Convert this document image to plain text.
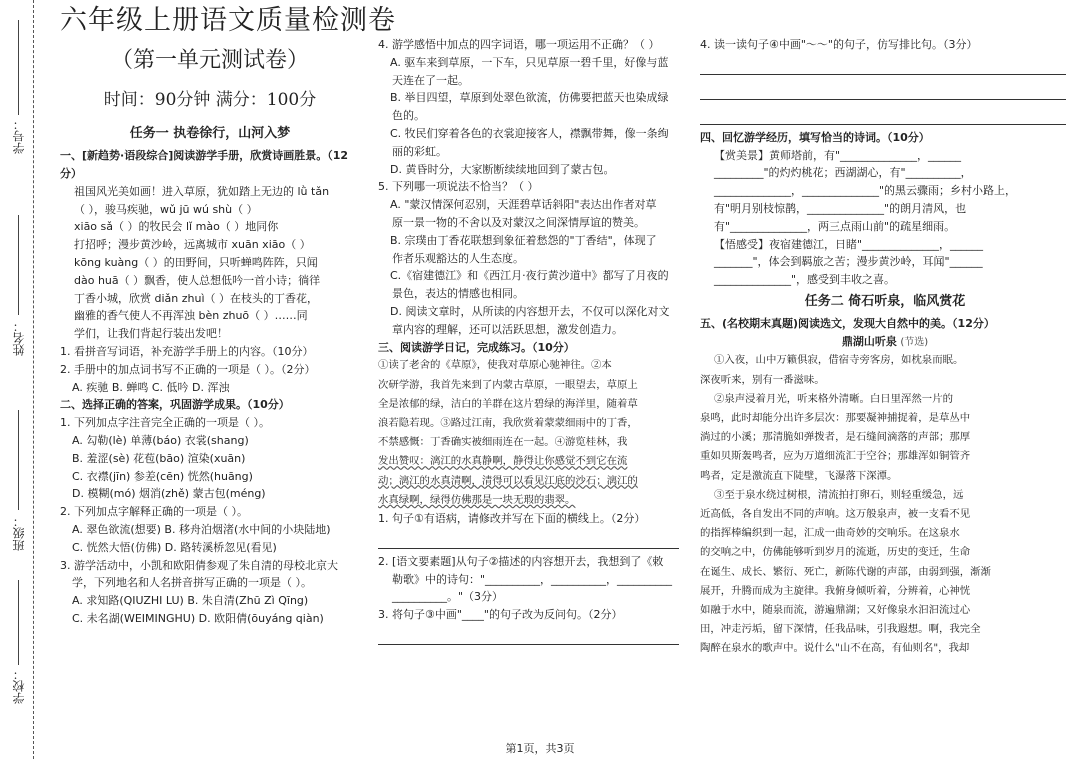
学号：
姓名：
班级：
学校：
六年级上册语文质量检测卷
（第一单元测试卷）
时间：90分钟 满分：100分
任务一 执卷徐行，山河入梦
一、[新趋势·语段综合]阅读游学手册，欣赏诗画胜景。（12分）
祖国风光美如画！进入草原，犹如踏上无边的 lǜ tǎn
（ ），骏马疾驰，wǔ jū wú shù（ ）
xiāo sǎ（ ）的牧民会 lǐ mào（ ）地同你
打招呼；漫步黄沙岭，远离城市 xuān xiāo（ ）
kōng kuàng（ ）的田野间，只听蝉鸣阵阵，只闻
dào huā（ ）飘香，使人总想低吟一首小诗；徜徉
丁香小城，欣赏 diǎn zhuì（ ）在枝头的丁香花，
幽雅的香气使人不再浑浊 bèn zhuō（ ）……同
学们，让我们背起行装出发吧！
1. 看拼音写词语，补充游学手册上的内容。（10分）
2. 手册中的加点词书写不正确的一项是（ ）。（2分）
A. 疾驰 B. 蝉鸣 C. 低吟 D. 浑浊
二、选择正确的答案，巩固游学成果。（10分）
1. 下列加点字注音完全正确的一项是（ ）。
A. 勾勒(lè) 单薄(báo) 衣裳(shang)
B. 羞涩(sè) 花苞(bāo) 渲染(xuān)
C. 衣襟(jīn) 参差(cēn) 恍然(huāng)
D. 模糊(mó) 烟消(zhě) 蒙古包(méng)
2. 下列加点字解释正确的一项是（ ）。
A. 翠色欲流(想要) B. 移舟泊烟渚(水中间的小块陆地)
C. 恍然大悟(仿佛) D. 路转溪桥忽见(看见)
3. 游学活动中，小凯和欧阳倩参观了朱自清的母校北京大
学，下列地名和人名拼音拼写正确的一项是（ ）。
A. 求知路(QIUZHI LU) B. 朱自清(Zhū Zì Qīng)
C. 未名湖(WEIMINGHU) D. 欧阳倩(ōuyáng qiàn)
4. 游学感悟中加点的四字词语，哪一项运用不正确？（ ）
A. 驱车来到草原，一下车，只见草原一碧千里，好像与蓝
天连在了一起。
B. 举目四望，草原到处翠色欲流，仿佛要把蓝天也染成绿
色的。
C. 牧民们穿着各色的衣裳迎接客人，襟飘带舞，像一条绚
丽的彩虹。
D. 黄昏时分，大家断断续续地回到了蒙古包。
5. 下列哪一项说法不恰当？（ ）
A. "蒙汉情深何忍别，天涯碧草话斜阳"表达出作者对草
原一景一物的不舍以及对蒙汉之间深情厚谊的赞美。
B. 宗璞由丁香花联想到象征着愁怨的"丁香结"，体现了
作者乐观豁达的人生态度。
C.《宿建德江》和《西江月·夜行黄沙道中》都写了月夜的
景色，表达的情感也相同。
D. 阅读文章时，从所读的内容想开去，不仅可以深化对文
章内容的理解，还可以活跃思想，激发创造力。
三、阅读游学日记，完成练习。（10分）
①读了老舍的《草原》，使我对草原心驰神往。②本
次研学游，我首先来到了内蒙古草原，一眼望去，草原上
全是浓郁的绿，洁白的羊群在这片碧绿的海洋里，随着草
浪若隐若现。③路过江南，我欣赏着蒙蒙细雨中的丁香，
不禁感慨：丁香确实被细雨连在一起。④游览桂林，我
发出赞叹：漓江的水真静啊，静得让你感觉不到它在流
动；漓江的水真清啊，清得可以看见江底的沙石；漓江的
水真绿啊，绿得仿佛那是一块无瑕的翡翠。
1. 句子①有语病，请修改并写在下面的横线上。（2分）
2. [语文要素题]从句子②描述的内容想开去，我想到了《敕
勒歌》中的诗句："__________，__________，__________
__________。"（3分）
3. 将句子③中画"____"的句子改为反问句。（2分）
4. 读一读句子④中画"～～"的句子，仿写排比句。（3分）
四、回忆游学经历，填写恰当的诗词。（10分）
【赏美景】黄师塔前，有"______________，______
_________"的灼灼桃花；西湖湖心，有"__________，
______________，______________"的黑云骤雨；乡村小路上，
有"明月别枝惊鹊，______________"的朗月清风，也
有"______________，两三点雨山前"的疏星细雨。
【悟感受】夜宿建德江，日睹"______________，______
_______"，体会到羁旅之苦；漫步黄沙岭，耳闻"______
______________"，感受到丰收之喜。
任务二 倚石听泉，临风赏花
五、(名校期末真题)阅读选文，发现大自然中的美。（12分）
鼎湖山听泉 (节选)
①入夜，山中万籁俱寂，借宿寺旁客房，如枕泉而眠。
深夜听来，别有一番滋味。
②泉声浸着月光，听来格外清晰。白日里浑然一片的
泉鸣，此时却能分出许多层次：那要凝神捕捉着，是草丛中
淌过的小溪；那清脆如弹拨者，是石缝间滴落的声部；那厚
重如贝斯轰鸣者，应为万道细流汇于空谷；那雄浑如铜管齐
鸣者，定是激流直下陡壁，飞瀑落下深潭。
③至于泉水绕过树根，清流拍打卵石，则轻重缓急，远
近高低，各自发出不同的声响。这万般泉声，被一支看不见
的指挥棒编织到一起，汇成一曲奇妙的交响乐。在这泉水
的交响之中，仿佛能够听到岁月的流逝，历史的变迁，生命
在诞生、成长、繁衍、死亡，新陈代谢的声部，由弱到强，渐渐
展开，升腾而成为主旋律。我俯身倾听着，分辨着，心神恍
如融于水中，随泉而流，游遍鼎湖；又好像泉水汩汩流过心
田，冲走污垢，留下深情，任我品味，引我遐想。啊，我完全
陶醉在泉水的歌声中。说什么"山不在高，有仙则名"，我却
第1页，共3页
